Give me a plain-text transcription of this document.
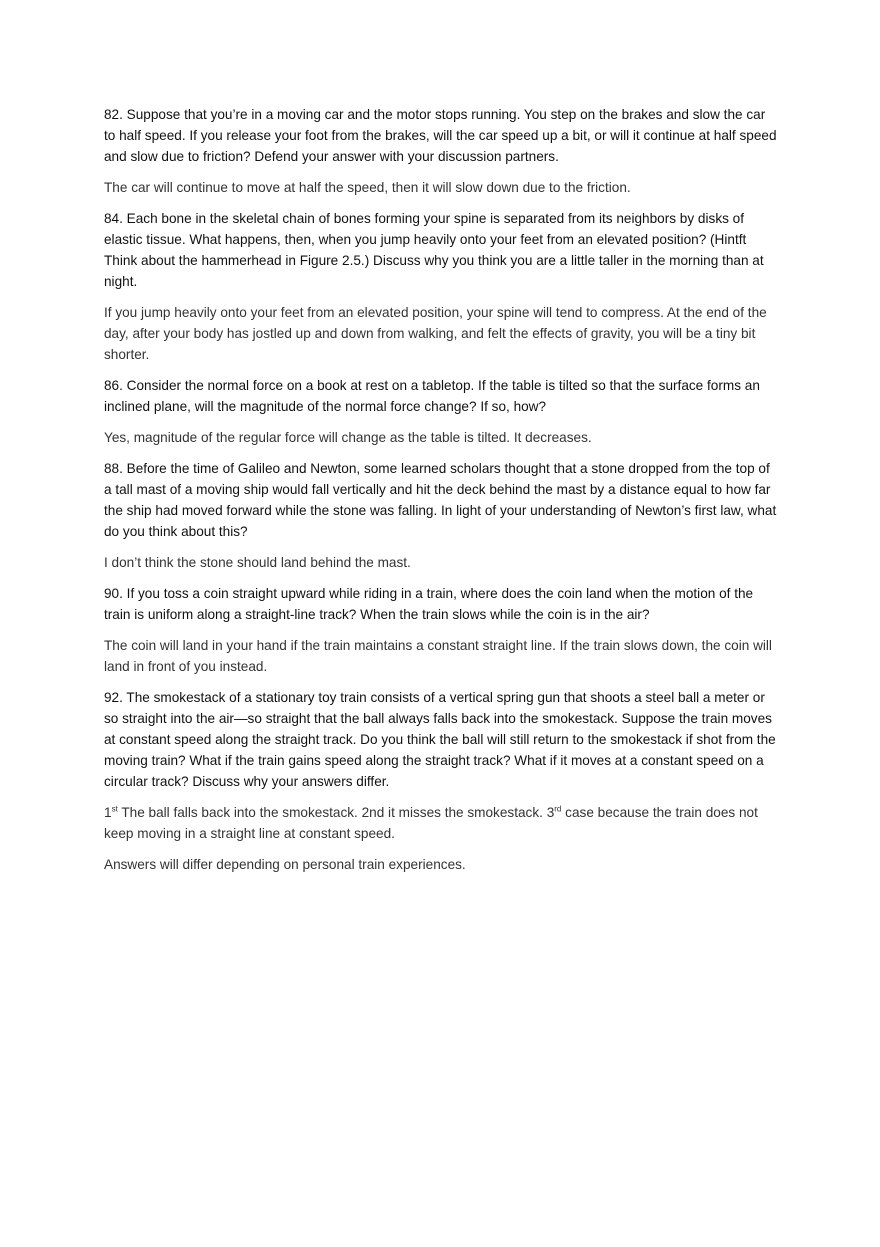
82. Suppose that you’re in a moving car and the motor stops running. You step on the brakes and slow the car to half speed. If you release your foot from the brakes, will the car speed up a bit, or will it continue at half speed and slow due to friction? Defend your answer with your discussion partners.

The car will continue to move at half the speed, then it will slow down due to the friction.

84. Each bone in the skeletal chain of bones forming your spine is separated from its neighbors by disks of elastic tissue. What happens, then, when you jump heavily onto your feet from an elevated position? (Hintft Think about the hammerhead in Figure 2.5.) Discuss why you think you are a little taller in the morning than at night.

If you jump heavily onto your feet from an elevated position, your spine will tend to compress. At the end of the day, after your body has jostled up and down from walking, and felt the effects of gravity, you will be a tiny bit shorter.

86. Consider the normal force on a book at rest on a tabletop. If the table is tilted so that the surface forms an inclined plane, will the magnitude of the normal force change? If so, how?

Yes, magnitude of the regular force will change as the table is tilted. It decreases.

88. Before the time of Galileo and Newton, some learned scholars thought that a stone dropped from the top of a tall mast of a moving ship would fall vertically and hit the deck behind the mast by a distance equal to how far the ship had moved forward while the stone was falling. In light of your understanding of Newton’s first law, what do you think about this?

I don’t think the stone should land behind the mast.

90. If you toss a coin straight upward while riding in a train, where does the coin land when the motion of the train is uniform along a straight-line track? When the train slows while the coin is in the air?

The coin will land in your hand if the train maintains a constant straight line. If the train slows down, the coin will land in front of you instead.

92. The smokestack of a stationary toy train consists of a vertical spring gun that shoots a steel ball a meter or so straight into the air—so straight that the ball always falls back into the smokestack. Suppose the train moves at constant speed along the straight track. Do you think the ball will still return to the smokestack if shot from the moving train? What if the train gains speed along the straight track? What if it moves at a constant speed on a circular track? Discuss why your answers differ.

1st The ball falls back into the smokestack. 2nd it misses the smokestack. 3rd case because the train does not keep moving in a straight line at constant speed.

Answers will differ depending on personal train experiences.
